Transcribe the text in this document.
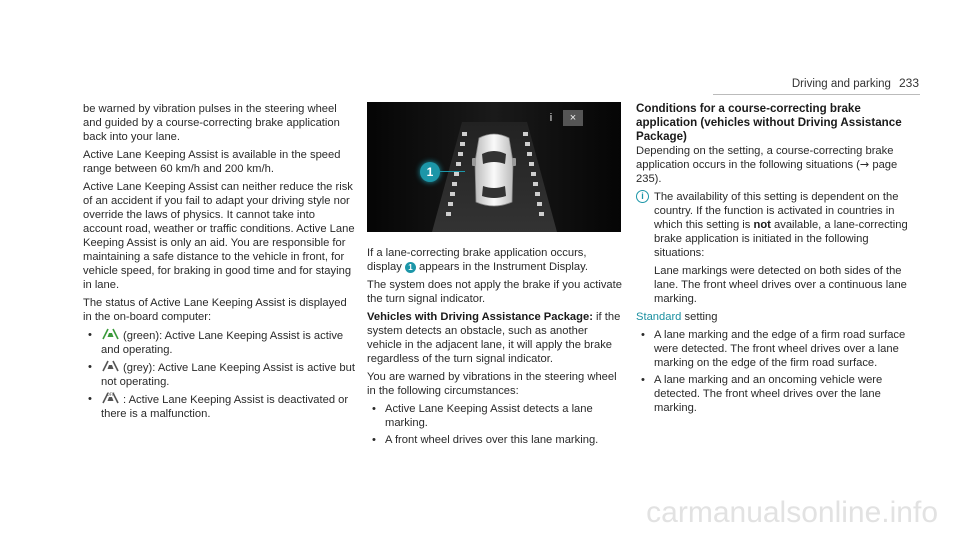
Driving and parking 233

be warned by vibration pulses in the steering wheel and guided by a course-correcting brake application back into your lane.

Active Lane Keeping Assist is available in the speed range between 60 km/h and 200 km/h.

Active Lane Keeping Assist can neither reduce the risk of an accident if you fail to adapt your driving style nor override the laws of physics. It cannot take into account road, weather or traffic conditions. Active Lane Keeping Assist is only an aid. You are responsible for maintaining a safe distance to the vehicle in front, for vehicle speed, for braking in good time and for staying in lane.

The status of Active Lane Keeping Assist is displayed in the on-board computer:

• (green): Active Lane Keeping Assist is active and operating.
• (grey): Active Lane Keeping Assist is active but not operating.
• OFF : Active Lane Keeping Assist is deactivated or there is a malfunction.
i ×
1

If a lane-correcting brake application occurs, display 1 appears in the Instrument Display.

The system does not apply the brake if you activate the turn signal indicator.

Vehicles with Driving Assistance Package: if the system detects an obstacle, such as another vehicle in the adjacent lane, it will apply the brake regardless of the turn signal indicator.

You are warned by vibrations in the steering wheel in the following circumstances:

• Active Lane Keeping Assist detects a lane marking.
• A front wheel drives over this lane marking.

Conditions for a course-correcting brake application (vehicles without Driving Assistance Package)

Depending on the setting, a course-correcting brake application occurs in the following situations (→ page 235).

i The availability of this setting is dependent on the country. If the function is activated in countries in which this setting is not available, a lane-correcting brake application is initiated in the following situations:

Lane markings were detected on both sides of the lane. The front wheel drives over a continuous lane marking.

Standard setting

• A lane marking and the edge of a firm road surface were detected. The front wheel drives over a lane marking on the edge of the firm road surface.
• A lane marking and an oncoming vehicle were detected. The front wheel drives over the lane marking.
carmanualsonline.info
